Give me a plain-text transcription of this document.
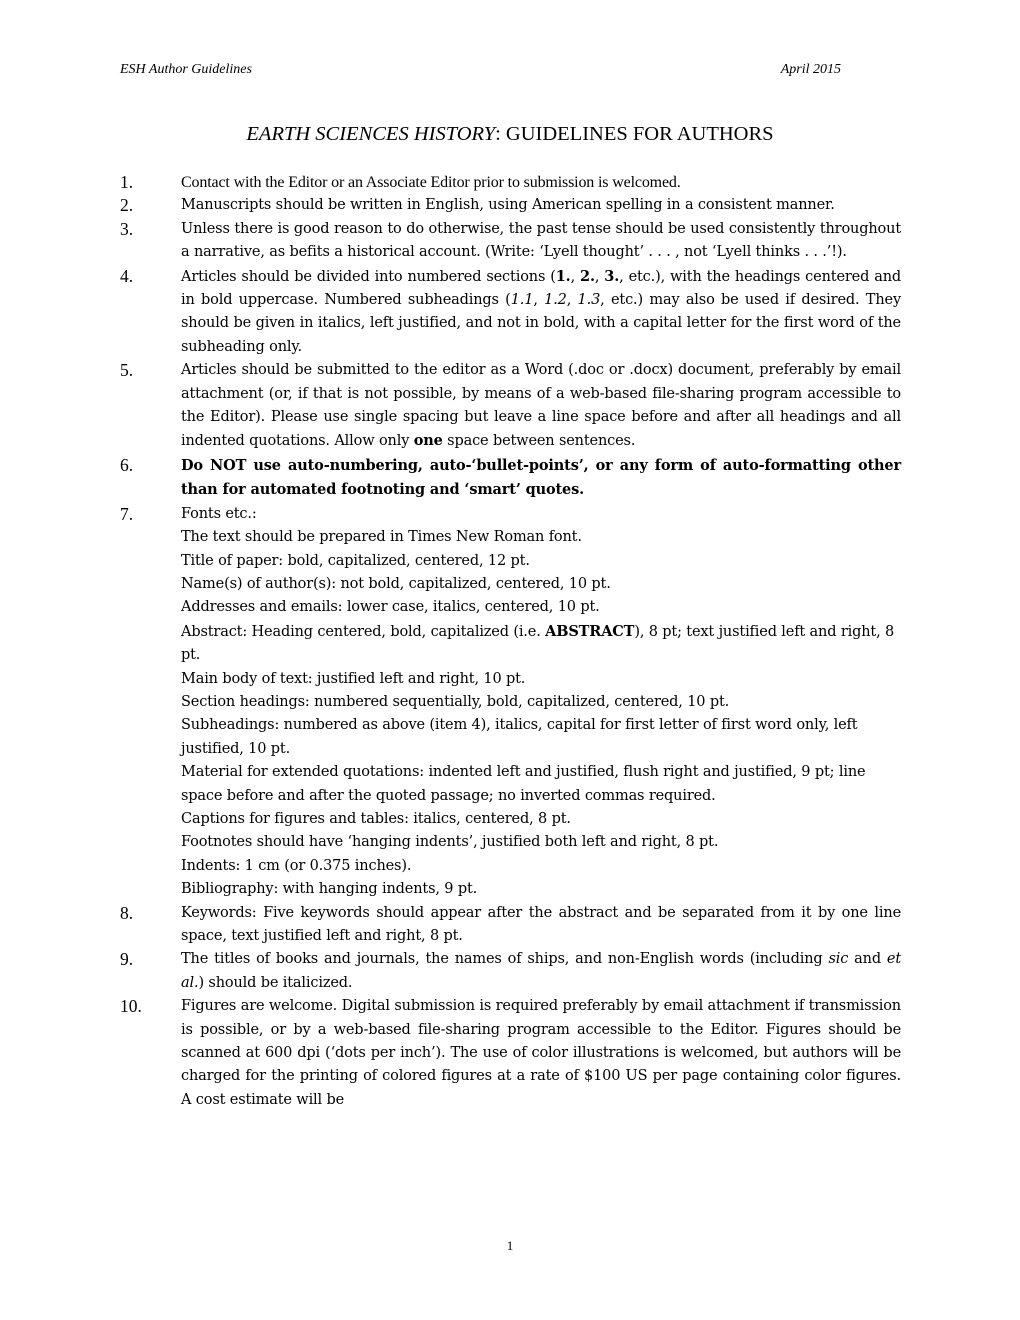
ESH Author Guidelines	April 2015
EARTH SCIENCES HISTORY: GUIDELINES FOR AUTHORS
1.	Contact with the Editor or an Associate Editor prior to submission is welcomed.
2.	Manuscripts should be written in English, using American spelling in a consistent manner.
3.	Unless there is good reason to do otherwise, the past tense should be used consistently throughout a narrative, as befits a historical account. (Write: ‘Lyell thought’ . . . , not ‘Lyell thinks . . .’!).
4.	Articles should be divided into numbered sections (1., 2., 3., etc.), with the headings centered and in bold uppercase. Numbered subheadings (1.1, 1.2, 1.3, etc.) may also be used if desired. They should be given in italics, left justified, and not in bold, with a capital letter for the first word of the subheading only.
5.	Articles should be submitted to the editor as a Word (.doc or .docx) document, preferably by email attachment (or, if that is not possible, by means of a web-based file-sharing program accessible to the Editor). Please use single spacing but leave a line space before and after all headings and all indented quotations. Allow only one space between sentences.
6.	Do NOT use auto-numbering, auto-‘bullet-points’, or any form of auto-formatting other than for automated footnoting and ‘smart’ quotes.
7.	Fonts etc.:
The text should be prepared in Times New Roman font.
Title of paper: bold, capitalized, centered, 12 pt.
Name(s) of author(s): not bold, capitalized, centered, 10 pt.
Addresses and emails: lower case, italics, centered, 10 pt.
Abstract: Heading centered, bold, capitalized (i.e. ABSTRACT), 8 pt; text justified left and right, 8 pt.
Main body of text: justified left and right, 10 pt.
Section headings: numbered sequentially, bold, capitalized, centered, 10 pt.
Subheadings: numbered as above (item 4), italics, capital for first letter of first word only, left justified, 10 pt.
Material for extended quotations: indented left and justified, flush right and justified, 9 pt; line space before and after the quoted passage; no inverted commas required.
Captions for figures and tables: italics, centered, 8 pt.
Footnotes should have ‘hanging indents’, justified both left and right, 8 pt.
Indents: 1 cm (or 0.375 inches).
Bibliography: with hanging indents, 9 pt.
8.	Keywords: Five keywords should appear after the abstract and be separated from it by one line space, text justified left and right, 8 pt.
9.	The titles of books and journals, the names of ships, and non-English words (including sic and et al.) should be italicized.
10.	Figures are welcome. Digital submission is required preferably by email attachment if transmission is possible, or by a web-based file-sharing program accessible to the Editor. Figures should be scanned at 600 dpi (‘dots per inch’). The use of color illustrations is welcomed, but authors will be charged for the printing of colored figures at a rate of $100 US per page containing color figures. A cost estimate will be
1
